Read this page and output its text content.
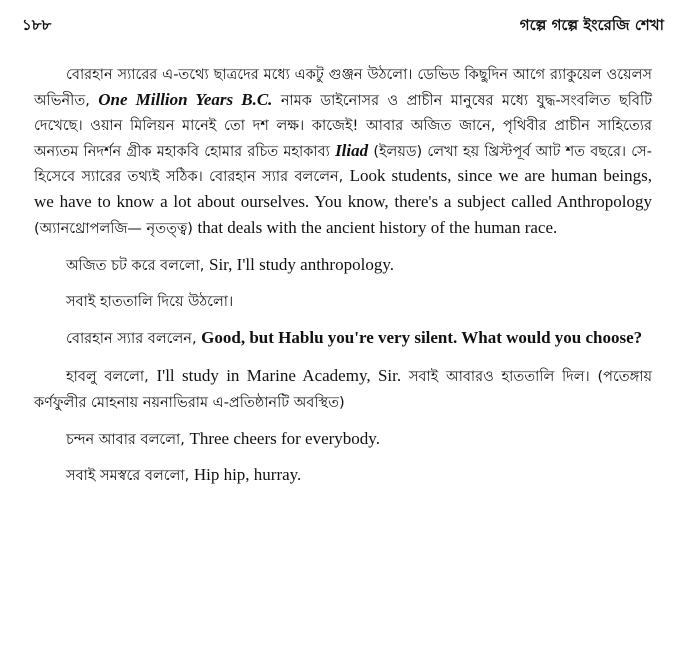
১৮৮	গল্পে গল্পে ইংরেজি শেখা

বোরহান স্যারের এ-তথ্যে ছাত্রদের মধ্যে একটু গুঞ্জন উঠলো। ডেভিড কিছুদিন আগে র‍্যাকুয়েল ওয়েলস অভিনীত, One Million Years B.C. নামক ডাইনোসর ও প্রাচীন মানুষের মধ্যে যুদ্ধ-সংবলিত ছবিটি দেখেছে। ওয়ান মিলিয়ন মানেই তো দশ লক্ষ। কাজেই! আবার অজিত জানে, পৃথিবীর প্রাচীন সাহিত্যের অন্যতম নিদর্শন গ্রীক মহাকবি হোমার রচিত মহাকাব্য Iliad (ইলয়ড) লেখা হয় খ্রিস্টপূর্ব আট শত বছরে। সে-হিসেবে স্যারের তথ্যই সঠিক। বোরহান স্যার বললেন, Look students, since we are human beings, we have to know a lot about ourselves. You know, there's a subject called Anthropology (অ্যানথ্রোপলজি— নৃতত্ত্ব) that deals with the ancient history of the human race.

অজিত চট করে বললো, Sir, I'll study anthropology.

সবাই হাততালি দিয়ে উঠলো।

বোরহান স্যার বললেন, Good, but Hablu you're very silent. What would you choose?

হাবলু বললো, I'll study in Marine Academy, Sir. সবাই আবারও হাততালি দিল। (পতেঙ্গায় কর্ণফুলীর মোহনায় নয়নাভিরাম এ-প্রতিষ্ঠানটি অবস্থিত)

চন্দন আবার বললো, Three cheers for everybody.

সবাই সমস্বরে বললো, Hip hip, hurray.
